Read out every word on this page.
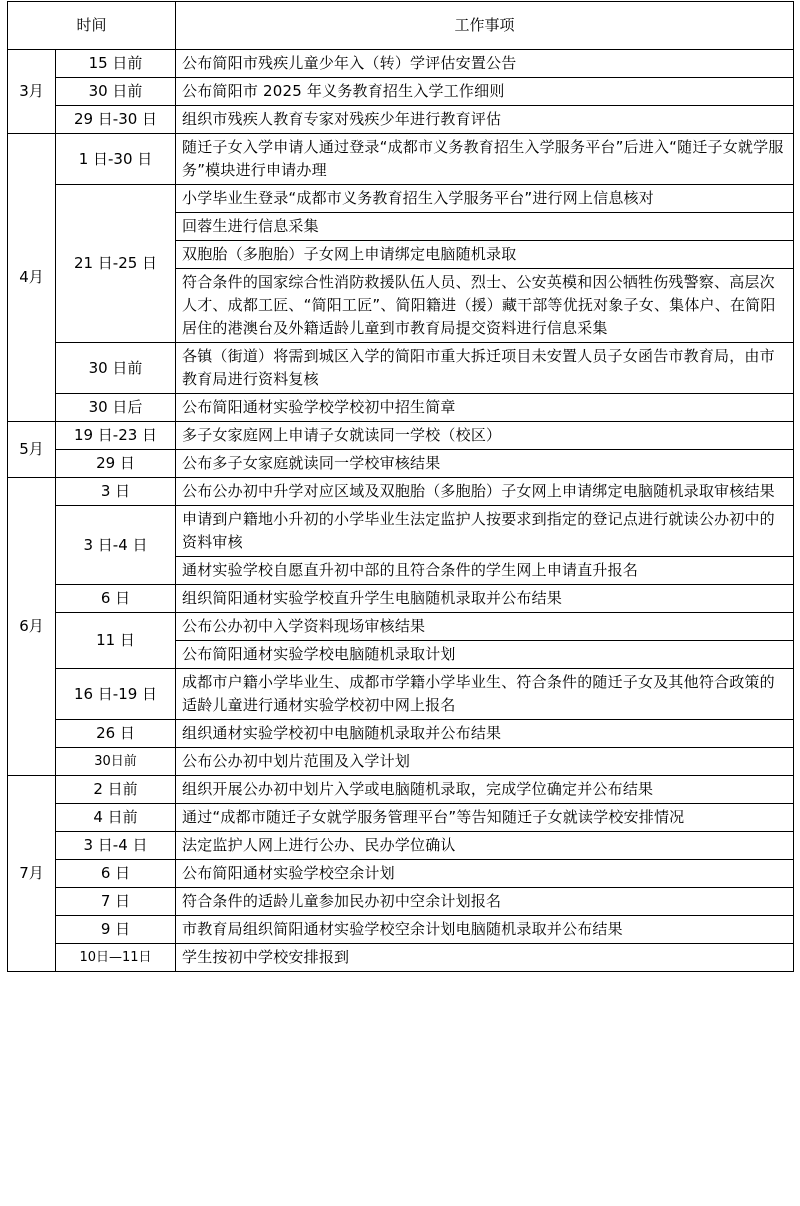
时间		工作事项
3月	15 日前	公布简阳市残疾儿童少年入（转）学评估安置公告
	30 日前	公布简阳市 2025 年义务教育招生入学工作细则
	29 日-30 日	组织市残疾人教育专家对残疾少年进行教育评估
4月	1 日-30 日	随迁子女入学申请人通过登录“成都市义务教育招生入学服务平台”后进入“随迁子女就学服务”模块进行申请办理
	21 日-25 日	小学毕业生登录“成都市义务教育招生入学服务平台”进行网上信息核对
		回蓉生进行信息采集
		双胞胎（多胞胎）子女网上申请绑定电脑随机录取
		符合条件的国家综合性消防救援队伍人员、烈士、公安英模和因公牺牲伤残警察、高层次人才、成都工匠、“简阳工匠”、简阳籍进（援）藏干部等优抚对象子女、集体户、在简阳居住的港澳台及外籍适龄儿童到市教育局提交资料进行信息采集
	30 日前	各镇（街道）将需到城区入学的简阳市重大拆迁项目未安置人员子女函告市教育局，由市教育局进行资料复核
	30 日后	公布简阳通材实验学校学校初中招生简章
5月	19 日-23 日	多子女家庭网上申请子女就读同一学校（校区）
	29 日	公布多子女家庭就读同一学校审核结果
6月	3 日	公布公办初中升学对应区域及双胞胎（多胞胎）子女网上申请绑定电脑随机录取审核结果
	3 日-4 日	申请到户籍地小升初的小学毕业生法定监护人按要求到指定的登记点进行就读公办初中的资料审核
		通材实验学校自愿直升初中部的且符合条件的学生网上申请直升报名
	6 日	组织简阳通材实验学校直升学生电脑随机录取并公布结果
	11 日	公布公办初中入学资料现场审核结果
		公布简阳通材实验学校电脑随机录取计划
	16 日-19 日	成都市户籍小学毕业生、成都市学籍小学毕业生、符合条件的随迁子女及其他符合政策的适龄儿童进行通材实验学校初中网上报名
	26 日	组织通材实验学校初中电脑随机录取并公布结果
	30日前	公布公办初中划片范围及入学计划
7月	2 日前	组织开展公办初中划片入学或电脑随机录取，完成学位确定并公布结果
	4 日前	通过“成都市随迁子女就学服务管理平台”等告知随迁子女就读学校安排情况
	3 日-4 日	法定监护人网上进行公办、民办学位确认
	6 日	公布简阳通材实验学校空余计划
	7 日	符合条件的适龄儿童参加民办初中空余计划报名
	9 日	市教育局组织简阳通材实验学校空余计划电脑随机录取并公布结果
	10日—11日	学生按初中学校安排报到
